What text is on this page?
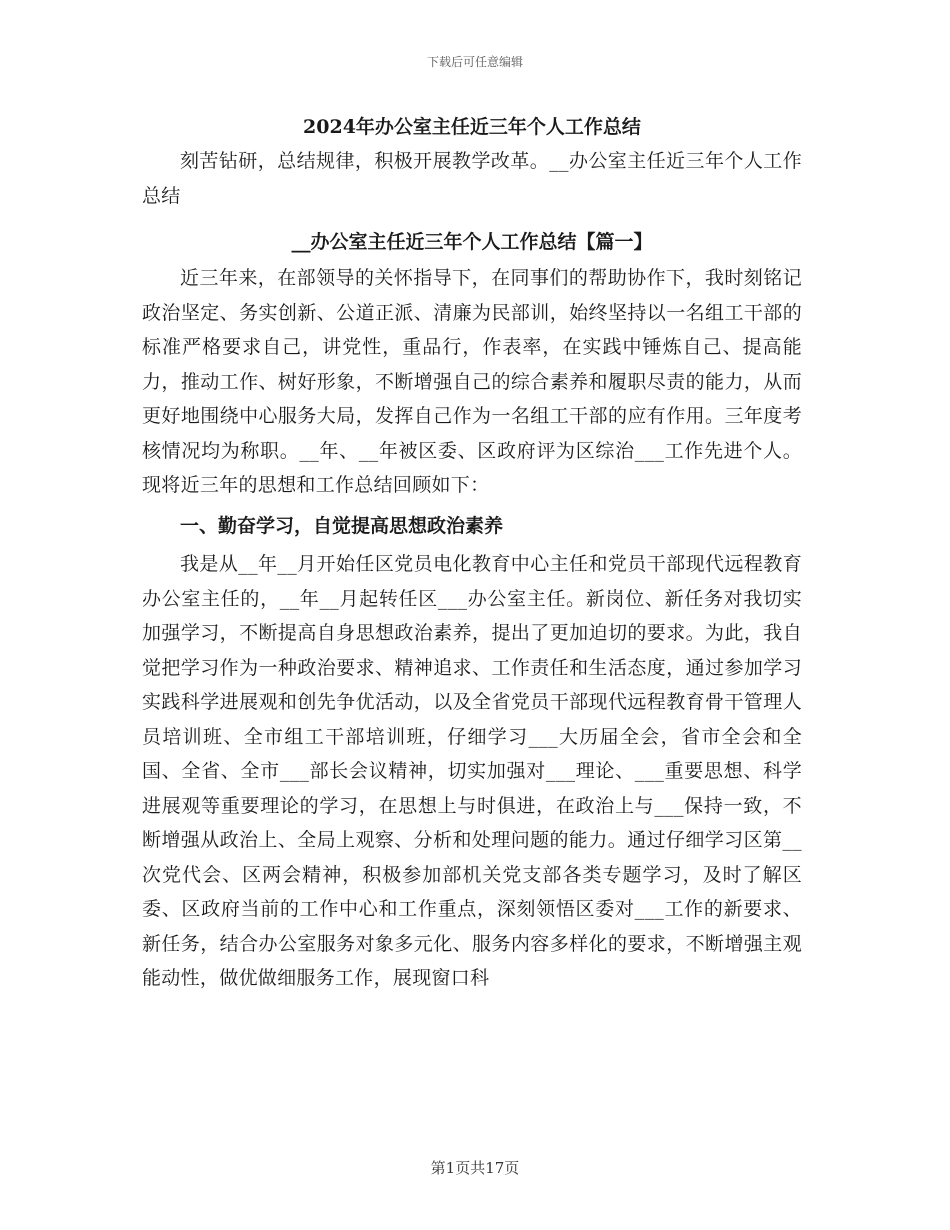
下载后可任意编辑

2024年办公室主任近三年个人工作总结

刻苦钻研，总结规律，积极开展教学改革。__办公室主任近三年个人工作总结

__办公室主任近三年个人工作总结【篇一】

近三年来，在部领导的关怀指导下，在同事们的帮助协作下，我时刻铭记政治坚定、务实创新、公道正派、清廉为民部训，始终坚持以一名组工干部的标准严格要求自己，讲党性，重品行，作表率，在实践中锤炼自己、提高能力，推动工作、树好形象，不断增强自己的综合素养和履职尽责的能力，从而更好地围绕中心服务大局，发挥自己作为一名组工干部的应有作用。三年度考核情况均为称职。__年、__年被区委、区政府评为区综治___工作先进个人。现将近三年的思想和工作总结回顾如下：

一、勤奋学习，自觉提高思想政治素养

我是从__年__月开始任区党员电化教育中心主任和党员干部现代远程教育办公室主任的，__年__月起转任区___办公室主任。新岗位、新任务对我切实加强学习，不断提高自身思想政治素养，提出了更加迫切的要求。为此，我自觉把学习作为一种政治要求、精神追求、工作责任和生活态度，通过参加学习实践科学进展观和创先争优活动，以及全省党员干部现代远程教育骨干管理人员培训班、全市组工干部培训班，仔细学习___大历届全会，省市全会和全国、全省、全市___部长会议精神，切实加强对___理论、___重要思想、科学进展观等重要理论的学习，在思想上与时俱进，在政治上与___保持一致，不断增强从政治上、全局上观察、分析和处理问题的能力。通过仔细学习区第__次党代会、区两会精神，积极参加部机关党支部各类专题学习，及时了解区委、区政府当前的工作中心和工作重点，深刻领悟区委对___工作的新要求、新任务，结合办公室服务对象多元化、服务内容多样化的要求，不断增强主观能动性，做优做细服务工作，展现窗口科

第1页共17页
